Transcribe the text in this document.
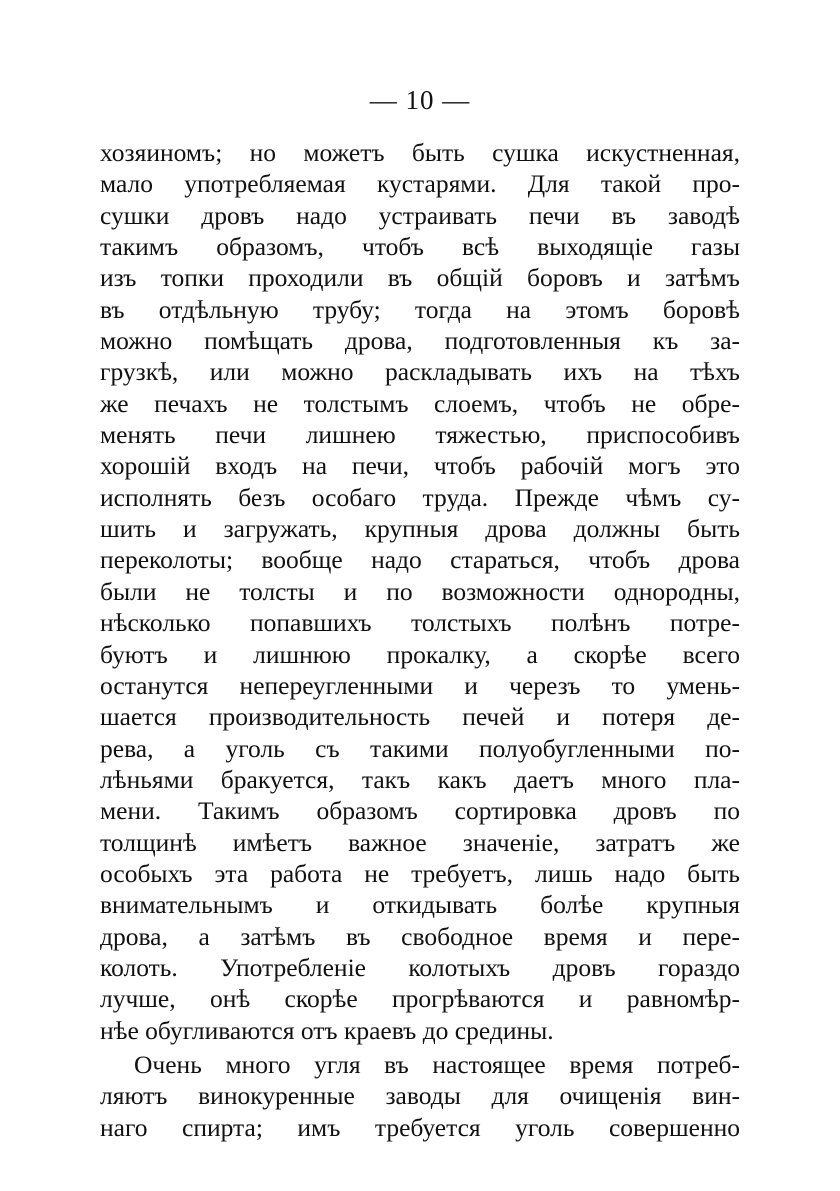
— 10 —
хозяиномъ; но можетъ быть сушка искустненная,
мало употребляемая кустарями. Для такой про-
сушки дровъ надо устраивать печи въ заводѣ
такимъ образомъ, чтобъ всѣ выходящіе газы
изъ топки проходили въ общій боровъ и затѣмъ
въ отдѣльную трубу; тогда на этомъ боровѣ
можно помѣщать дрова, подготовленныя къ за-
грузкѣ, или можно раскладывать ихъ на тѣхъ
же печахъ не толстымъ слоемъ, чтобъ не обре-
менять печи лишнею тяжестью, приспособивъ
хорошій входъ на печи, чтобъ рабочій могъ это
исполнять безъ особаго труда. Прежде чѣмъ су-
шить и загружать, крупныя дрова должны быть
переколоты; вообще надо стараться, чтобъ дрова
были не толсты и по возможности однородны,
нѣсколько попавшихъ толстыхъ полѣнъ потре-
буютъ и лишнюю прокалку, а скорѣе всего
останутся непереугленными и черезъ то умень-
шается производительность печей и потеря де-
рева, а уголь съ такими полуобугленными по-
лѣньями бракуется, такъ какъ даетъ много пла-
мени. Такимъ образомъ сортировка дровъ по
толщинѣ имѣетъ важное значеніе, затратъ же
особыхъ эта работа не требуетъ, лишь надо быть
внимательнымъ и откидывать болѣе крупныя
дрова, а затѣмъ въ свободное время и пере-
колоть. Употребленіе колотыхъ дровъ гораздо
лучше, онѣ скорѣе прогрѣваются и равномѣр-
нѣе обугливаются отъ краевъ до средины.
Очень много угля въ настоящее время потреб-
ляютъ винокуренные заводы для очищенія вин-
наго спирта; имъ требуется уголь совершенно
